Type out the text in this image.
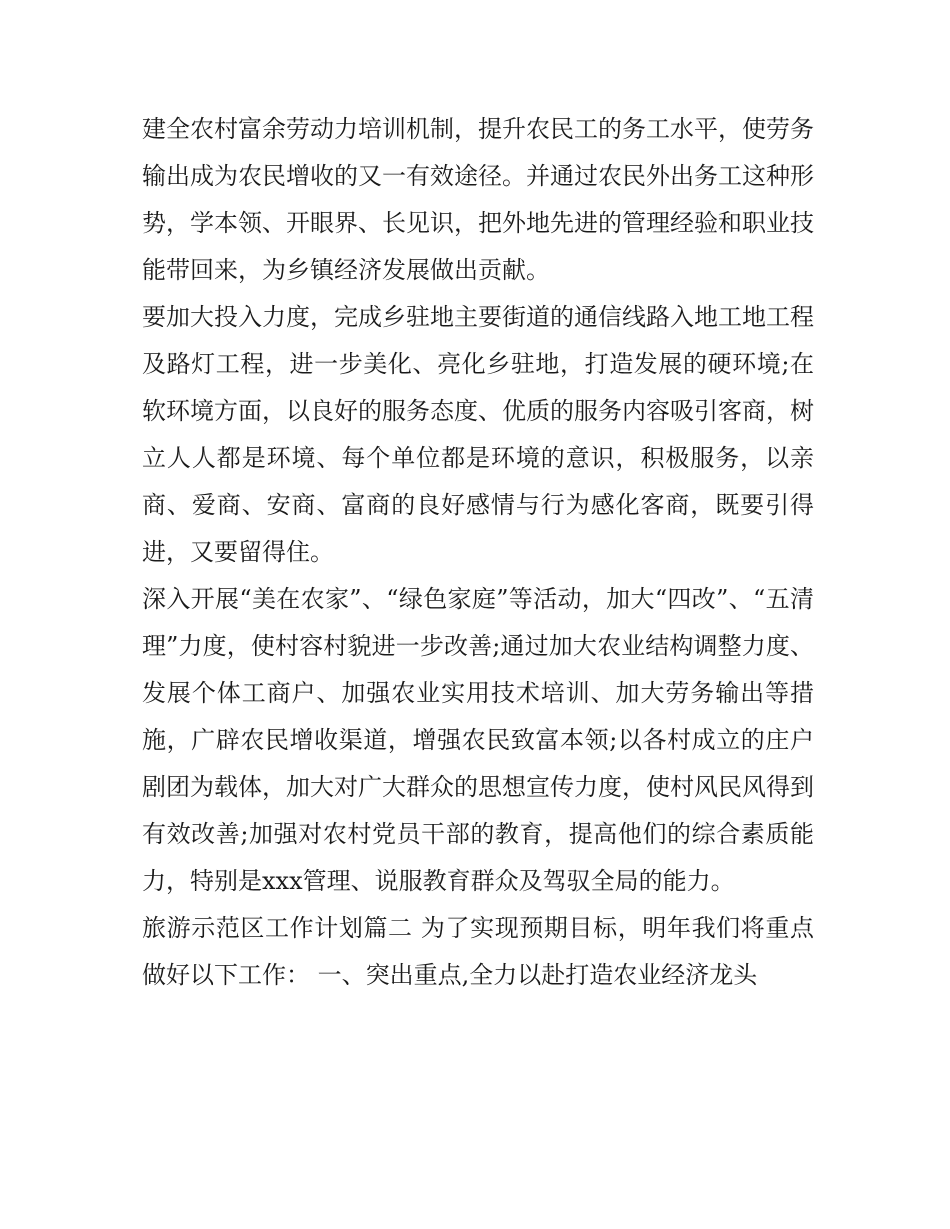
建全农村富余劳动力培训机制，提升农民工的务工水平，使劳务输出成为农民增收的又一有效途径。并通过农民外出务工这种形势，学本领、开眼界、长见识，把外地先进的管理经验和职业技能带回来，为乡镇经济发展做出贡献。

要加大投入力度，完成乡驻地主要街道的通信线路入地工地工程及路灯工程，进一步美化、亮化乡驻地，打造发展的硬环境;在软环境方面，以良好的服务态度、优质的服务内容吸引客商，树立人人都是环境、每个单位都是环境的意识，积极服务，以亲商、爱商、安商、富商的良好感情与行为感化客商，既要引得进，又要留得住。

深入开展“美在农家”、“绿色家庭”等活动，加大“四改”、“五清理”力度，使村容村貌进一步改善;通过加大农业结构调整力度、发展个体工商户、加强农业实用技术培训、加大劳务输出等措施，广辟农民增收渠道，增强农民致富本领;以各村成立的庄户剧团为载体，加大对广大群众的思想宣传力度，使村风民风得到有效改善;加强对农村党员干部的教育，提高他们的综合素质能力，特别是xxx管理、说服教育群众及驾驭全局的能力。

旅游示范区工作计划篇二 为了实现预期目标，明年我们将重点做好以下工作： 一、突出重点,全力以赴打造农业经济龙头
